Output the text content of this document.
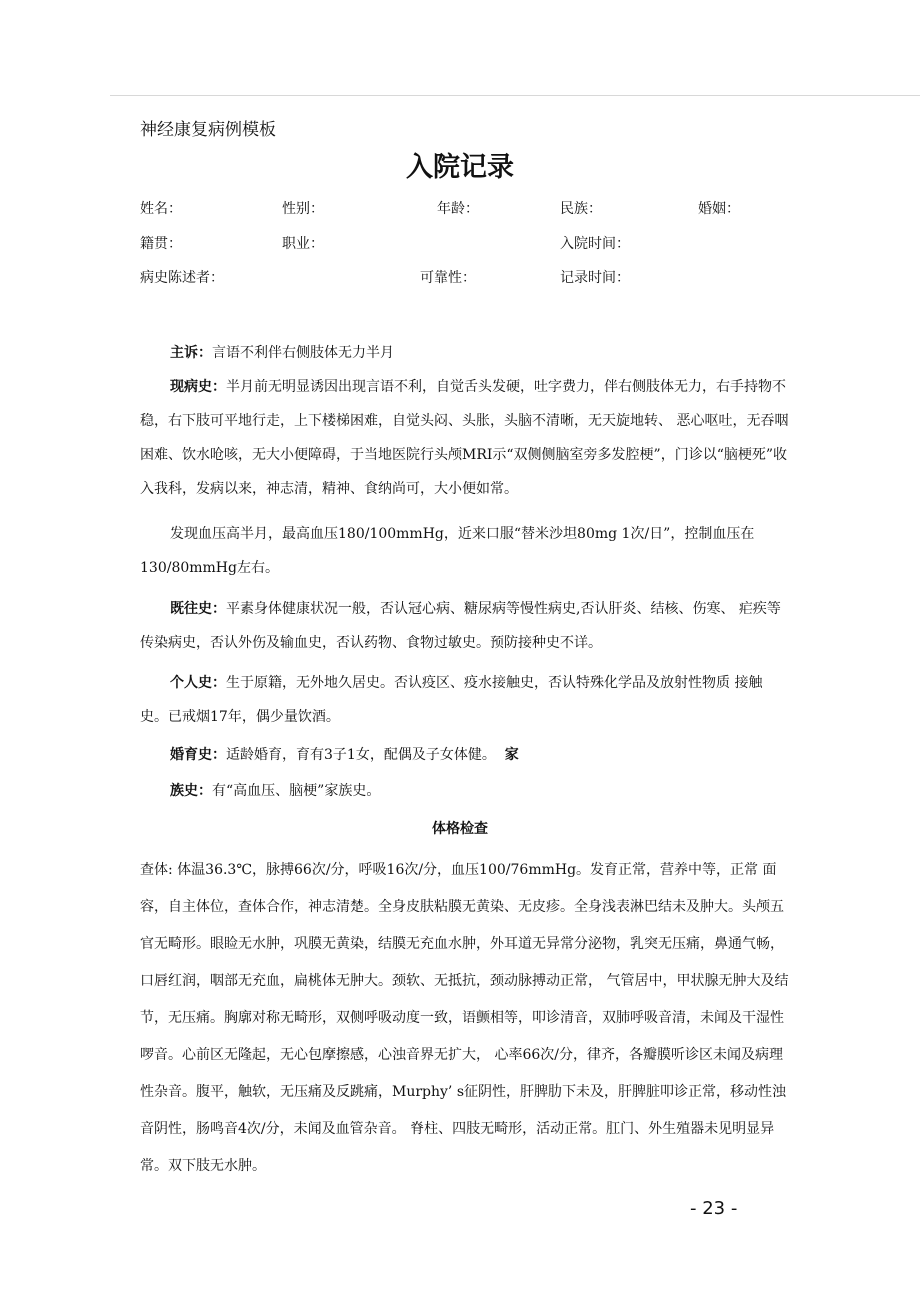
神经康复病例模板
入院记录
姓名：	性别：	年龄：	民族：	婚姻：
籍贯：	职业：	入院时间：
病史陈述者：	可靠性：	记录时间：
主诉：言语不利伴右侧肢体无力半月
现病史：半月前无明显诱因出现言语不利，自觉舌头发硬，吐字费力，伴右侧肢体无力，右手持物不稳，右下肢可平地行走，上下楼梯困难，自觉头闷、头胀，头脑不清晰，无天旋地转、 恶心呕吐，无吞咽困难、饮水呛咳，无大小便障碍，于当地医院行头颅MRI示“双侧侧脑室旁多发腔梗”，门诊以“脑梗死”收入我科，发病以来，神志清，精神、食纳尚可，大小便如常。
发现血压高半月，最高血压180/100mmHg，近来口服“替米沙坦80mg 1次/日”，控制血压在130/80mmHg左右。
既往史：平素身体健康状况一般，否认冠心病、糖尿病等慢性病史,否认肝炎、结核、伤寒、 疟疾等传染病史，否认外伤及输血史，否认药物、食物过敏史。预防接种史不详。
个人史：生于原籍，无外地久居史。否认疫区、疫水接触史，否认特殊化学品及放射性物质 接触史。已戒烟17年，偶少量饮酒。
婚育史：适龄婚育，育有3子1女，配偶及子女体健。 家
族史：有“高血压、脑梗”家族史。
体格检查
查体: 体温36.3℃，脉搏66次/分，呼吸16次/分，血压100/76mmHg。发育正常，营养中等，正常 面容，自主体位，查体合作，神志清楚。全身皮肤粘膜无黄染、无皮疹。全身浅表淋巴结未及肿大。头颅五官无畸形。眼睑无水肿，巩膜无黄染，结膜无充血水肿，外耳道无异常分泌物，乳突无压痛，鼻通气畅，口唇红润，咽部无充血，扁桃体无肿大。颈软、无抵抗，颈动脉搏动正常， 气管居中，甲状腺无肿大及结节，无压痛。胸廓对称无畸形，双侧呼吸动度一致，语颤相等，叩诊清音，双肺呼吸音清，未闻及干湿性啰音。心前区无隆起，无心包摩擦感，心浊音界无扩大， 心率66次/分，律齐，各瓣膜听诊区未闻及病理性杂音。腹平，触软，无压痛及反跳痛，Murphy’ s征阴性，肝脾肋下未及，肝脾脏叩诊正常，移动性浊音阴性，肠鸣音4次/分，未闻及血管杂音。 脊柱、四肢无畸形，活动正常。肛门、外生殖器未见明显异常。双下肢无水肿。
- 23 -
